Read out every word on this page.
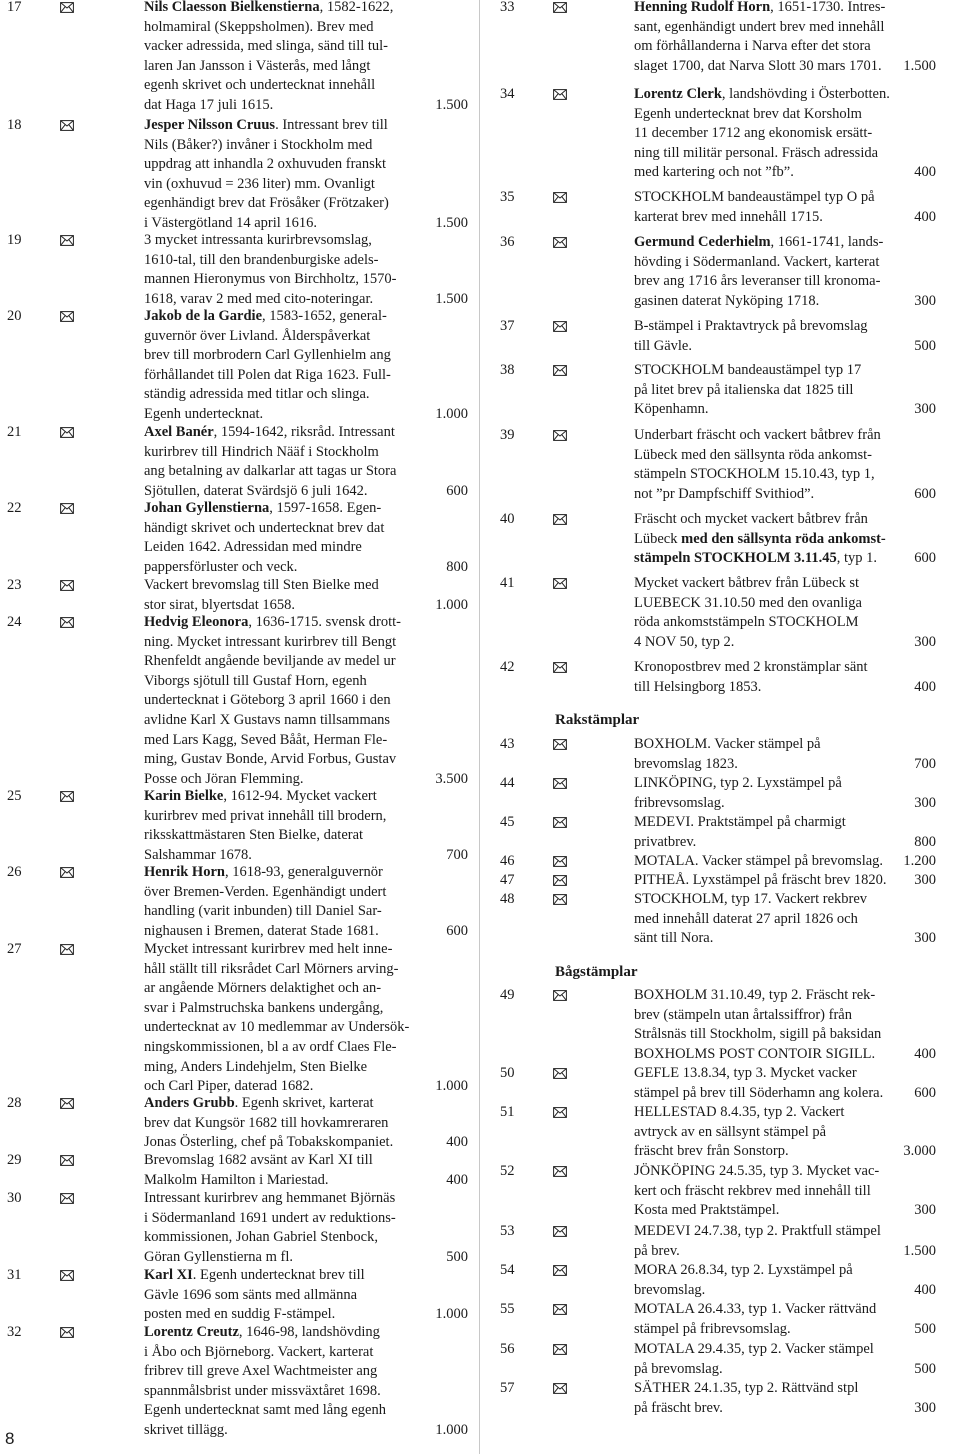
17	Nils Claesson Bielkenstierna, 1582-1622,
holmamiral (Skeppsholmen). Brev med
vacker adressida, med slinga, sänd till tul-
laren Jan Jansson i Västerås, med långt
egenh skrivet och undertecknat innehåll
dat Haga 17 juli 1615.	1.500
18	Jesper Nilsson Cruus. Intressant brev till
Nils (Båker?) invåner i Stockholm med
uppdrag att inhandla 2 oxhuvuden franskt
vin (oxhuvud = 236 liter) mm. Ovanligt
egenhändigt brev dat Frösåker (Frötzaker)
i Västergötland 14 april 1616.	1.500
19	3 mycket intressanta kurirbrevsomslag,
1610-tal, till den brandenburgiske adels-
mannen Hieronymus von Birchholtz, 1570-
1618, varav 2 med med cito-noteringar.	1.500
20	Jakob de la Gardie, 1583-1652, general-
guvernör över Livland. Ålderspåverkat
brev till morbrodern Carl Gyllenhielm ang
förhållandet till Polen dat Riga 1623. Full-
ständig adressida med titlar och slinga.
Egenh undertecknat.	1.000
21	Axel Banér, 1594-1642, riksråd. Intressant
kurirbrev till Hindrich Nääf i Stockholm
ang betalning av dalkarlar att tagas ur Stora
Sjötullen, daterat Svärdsjö 6 juli 1642.	600
22	Johan Gyllenstierna, 1597-1658. Egen-
händigt skrivet och undertecknat brev dat
Leiden 1642. Adressidan med mindre
pappersförluster och veck.	800
23	Vackert brevomslag till Sten Bielke med
stor sirat, blyertsdat 1658.	1.000
24	Hedvig Eleonora, 1636-1715. svensk drott-
ning. Mycket intressant kurirbrev till Bengt
Rhenfeldt angående beviljande av medel ur
Viborgs sjötull till Gustaf Horn, egenh
undertecknat i Göteborg 3 april 1660 i den
avlidne Karl X Gustavs namn tillsammans
med Lars Kagg, Seved Bååt, Herman Fle-
ming, Gustav Bonde, Arvid Forbus, Gustav
Posse och Jöran Flemming.	3.500
25	Karin Bielke, 1612-94. Mycket vackert
kurirbrev med privat innehåll till brodern,
riksskattmästaren Sten Bielke, daterat
Salshammar 1678.	700
26	Henrik Horn, 1618-93, generalguvernör
över Bremen-Verden. Egenhändigt undert
handling (varit inbunden) till Daniel Sar-
nighausen i Bremen, daterat Stade 1681.	600
27	Mycket intressant kurirbrev med helt inne-
håll ställt till riksrådet Carl Mörners arving-
ar angående Mörners delaktighet och an-
svar i Palmstruchska bankens undergång,
undertecknat av 10 medlemmar av Undersök-
ningskommissionen, bl a av ordf Claes Fle-
ming, Anders Lindehjelm, Sten Bielke
och Carl Piper, daterad 1682.	1.000
28	Anders Grubb. Egenh skrivet, karterat
brev dat Kungsör 1682 till hovkamreraren
Jonas Österling, chef på Tobakskompaniet.	400
29	Brevomslag 1682 avsänt av Karl XI till
Malkolm Hamilton i Mariestad.	400
30	Intressant kurirbrev ang hemmanet Björnäs
i Södermanland 1691 undert av reduktions-
kommissionen, Johan Gabriel Stenbock,
Göran Gyllenstierna m fl.	500
31	Karl XI. Egenh undertecknat brev till
Gävle 1696 som sänts med allmänna
posten med en suddig F-stämpel.	1.000
32	Lorentz Creutz, 1646-98, landshövding
i Åbo och Björneborg. Vackert, karterat
fribrev till greve Axel Wachtmeister ang
spannmålsbrist under missväxtåret 1698.
Egenh undertecknat samt med lång egenh
skrivet tillägg.	1.000
33	Henning Rudolf Horn, 1651-1730. Intres-
sant, egenhändigt undert brev med innehåll
om förhållanderna i Narva efter det stora
slaget 1700, dat Narva Slott 30 mars 1701. 1.500
34	Lorentz Clerk, landshövding i Österbotten.
Egenh undertecknat brev dat Korsholm
11 december 1712 ang ekonomisk ersätt-
ning till militär personal. Fräsch adressida
med kartering och not ”fb”.	400
35	STOCKHOLM bandeaustämpel typ O på
karterat brev med innehåll 1715.	400
36	Germund Cederhielm, 1661-1741, lands-
hövding i Södermanland. Vackert, karterat
brev ang 1716 års leveranser till kronoma-
gasinen daterat Nyköping 1718.	300
37	B-stämpel i Praktavtryck på brevomslag
till Gävle.	500
38	STOCKHOLM bandeaustämpel typ 17
på litet brev på italienska dat 1825 till
Köpenhamn.	300
39	Underbart fräscht och vackert båtbrev från
Lübeck med den sällsynta röda ankomst-
stämpeln STOCKHOLM 15.10.43, typ 1,
not ”pr Dampfschiff Svithiod”.	600
40	Fräscht och mycket vackert båtbrev från
Lübeck med den sällsynta röda ankomst-
stämpeln STOCKHOLM 3.11.45, typ 1.	600
41	Mycket vackert båtbrev från Lübeck st
LUEBECK 31.10.50 med den ovanliga
röda ankomststämpeln STOCKHOLM
4 NOV 50, typ 2.	300
42	Kronopostbrev med 2 kronstämplar sänt
till Helsingborg 1853.	400
43	BOXHOLM. Vacker stämpel på
brevomslag 1823.	700
44	LINKÖPING, typ 2. Lyxstämpel på
fribrevsomslag.	300
45	MEDEVI. Praktstämpel på charmigt
privatbrev.	800
46	MOTALA. Vacker stämpel på brevomslag. 1.200
47	PITHEÅ. Lyxstämpel på fräscht brev 1820. 300
48	STOCKHOLM, typ 17. Vackert rekbrev
med innehåll daterat 27 april 1826 och
sänt till Nora.	300
49	BOXHOLM 31.10.49, typ 2. Fräscht rek-
brev (stämpeln utan årtalssiffror) från
Strålsnäs till Stockholm, sigill på baksidan
BOXHOLMS POST CONTOIR SIGILL.	400
50	GEFLE 13.8.34, typ 3. Mycket vacker
stämpel på brev till Söderhamn ang kolera. 600
51	HELLESTAD 8.4.35, typ 2. Vackert
avtryck av en sällsynt stämpel på
fräscht brev från Sonstorp.	3.000
52	JÖNKÖPING 24.5.35, typ 3. Mycket vac-
kert och fräscht rekbrev med innehåll till
Kosta med Praktstämpel.	300
53	MEDEVI 24.7.38, typ 2. Praktfull stämpel
på brev.	1.500
54	MORA 26.8.34, typ 2. Lyxstämpel på
brevomslag.	400
55	MOTALA 26.4.33, typ 1. Vacker rättvänd
stämpel på fribrevsomslag.	500
56	MOTALA 29.4.35, typ 2. Vacker stämpel
på brevomslag.	500
57	SÄTHER 24.1.35, typ 2. Rättvänd stpl
på fräscht brev.	300
Rakstämplar
Bågstämplar
8
